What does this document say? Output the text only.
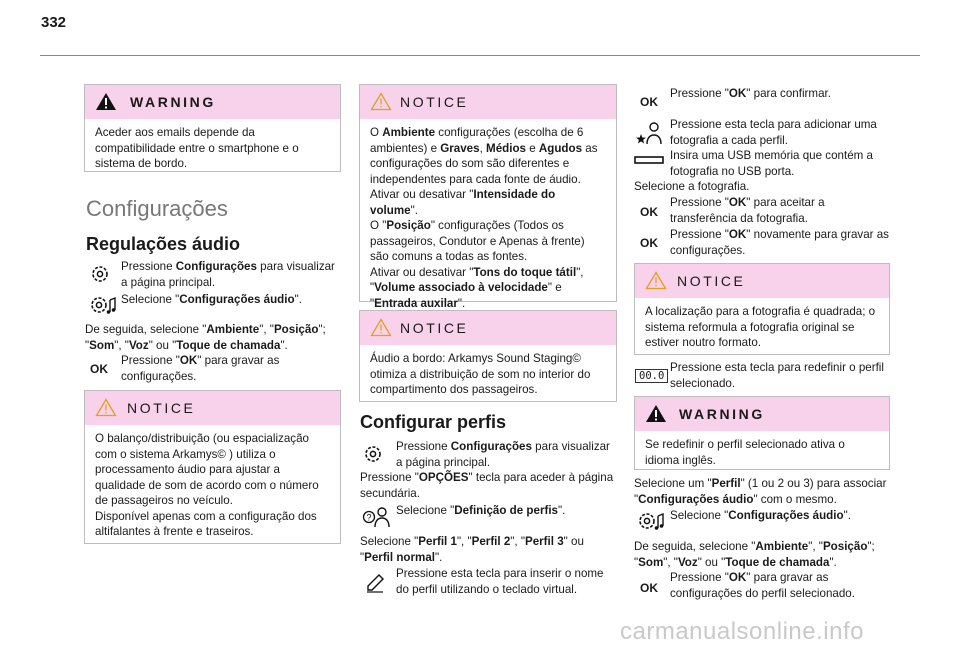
332
WARNING
Aceder aos emails depende da compatibilidade entre o smartphone e o sistema de bordo.
Configurações
Regulações áudio
Pressione Configurações para visualizar a página principal.
Selecione "Configurações áudio".
De seguida, selecione "Ambiente", "Posição"; "Som", "Voz" ou "Toque de chamada".
OK
Pressione "OK" para gravar as configurações.
NOTICE
O balanço/distribuição (ou espacialização com o sistema Arkamys© ) utiliza o processamento áudio para ajustar a qualidade de som de acordo com o número de passageiros no veículo.
Disponível apenas com a configuração dos altifalantes à frente e traseiros.
NOTICE
O Ambiente configurações (escolha de 6 ambientes) e Graves, Médios e Agudos as configurações do som são diferentes e independentes para cada fonte de áudio.
Ativar ou desativar "Intensidade do volume".
O "Posição" configurações (Todos os passageiros, Condutor e Apenas à frente) são comuns a todas as fontes.
Ativar ou desativar "Tons do toque tátil", "Volume associado à velocidade" e "Entrada auxilar".
NOTICE
Áudio a bordo: Arkamys Sound Staging© otimiza a distribuição de som no interior do compartimento dos passageiros.
Configurar perfis
Pressione Configurações para visualizar a página principal.
Pressione "OPÇÕES" tecla para aceder à página secundária.
?
Selecione "Definição de perfis".
Selecione "Perfil 1", "Perfil 2", "Perfil 3" ou "Perfil normal".
Pressione esta tecla para inserir o nome do perfil utilizando o teclado virtual.
OK
Pressione "OK" para confirmar.
Pressione esta tecla para adicionar uma fotografia a cada perfil.
Insira uma USB memória que contém a fotografia no USB porta.
Selecione a fotografia.
OK
Pressione "OK" para aceitar a transferência da fotografia.
OK
Pressione "OK" novamente para gravar as configurações.
NOTICE
A localização para a fotografia é quadrada; o sistema reformula a fotografia original se estiver noutro formato.
00.0
Pressione esta tecla para redefinir o perfil selecionado.
WARNING
Se redefinir o perfil selecionado ativa o idioma inglês.
Selecione um "Perfil" (1 ou 2 ou 3) para associar "Configurações áudio" com o mesmo.
Selecione "Configurações áudio".
De seguida, selecione "Ambiente", "Posição"; "Som", "Voz" ou "Toque de chamada".
OK
Pressione "OK" para gravar as configurações do perfil selecionado.
carmanualsonline.info
